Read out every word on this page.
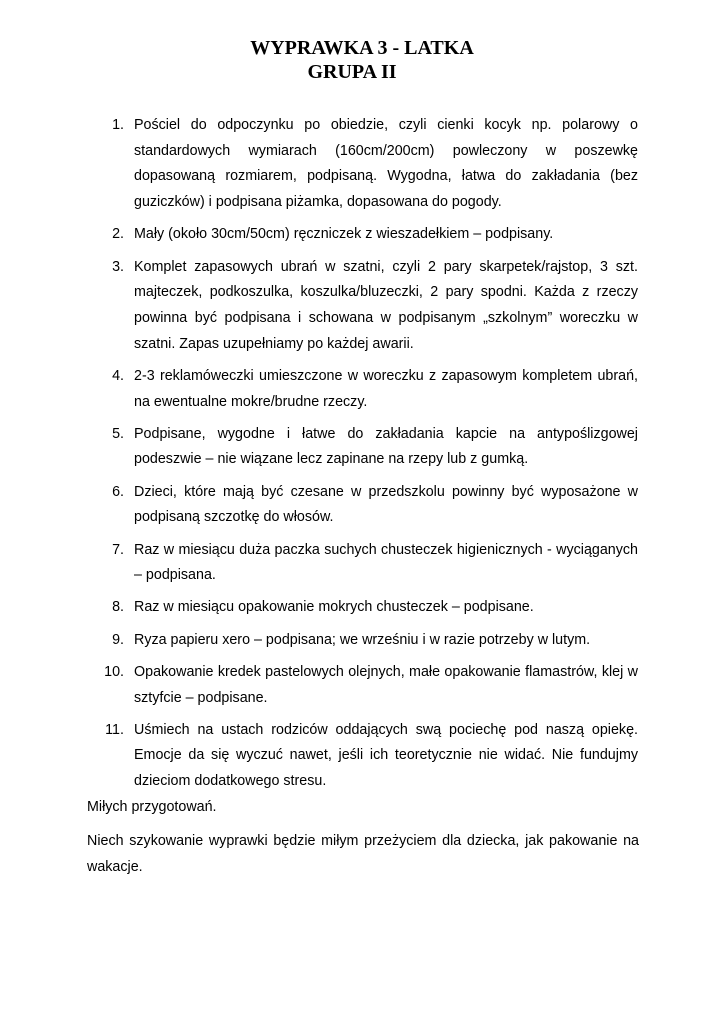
WYPRAWKA 3 - LATKA
GRUPA II
1. Pościel do odpoczynku po obiedzie, czyli cienki kocyk np. polarowy o standardowych wymiarach (160cm/200cm) powleczony w poszewkę dopasowaną rozmiarem, podpisaną. Wygodna, łatwa do zakładania (bez guziczków) i podpisana piżamka, dopasowana do pogody.
2. Mały (około 30cm/50cm) ręczniczek z wieszadełkiem – podpisany.
3. Komplet zapasowych ubrań w szatni, czyli 2 pary skarpetek/rajstop, 3 szt. majteczek, podkoszulka, koszulka/bluzeczki, 2 pary spodni. Każda z rzeczy powinna być podpisana i schowana w podpisanym „szkolnym” woreczku w szatni. Zapas uzupełniamy po każdej awarii.
4. 2-3 reklamóweczki umieszczone w woreczku z zapasowym kompletem ubrań, na ewentualne mokre/brudne rzeczy.
5. Podpisane, wygodne i łatwe do zakładania kapcie na antypoślizgowej podeszwie – nie wiązane lecz zapinane na rzepy lub z gumką.
6. Dzieci, które mają być czesane w przedszkolu powinny być wyposażone w podpisaną szczotkę do włosów.
7. Raz w miesiącu duża paczka suchych chusteczek higienicznych - wyciąganych – podpisana.
8. Raz w miesiącu opakowanie mokrych chusteczek – podpisane.
9. Ryza papieru xero – podpisana; we wrześniu i w razie potrzeby w lutym.
10. Opakowanie kredek pastelowych olejnych, małe opakowanie flamastrów, klej w sztyfcie – podpisane.
11. Uśmiech na ustach rodziców oddających swą pociechę pod naszą opiekę. Emocje da się wyczuć nawet, jeśli ich teoretycznie nie widać. Nie fundujmy dzieciom dodatkowego stresu.

Miłych przygotowań.

Niech szykowanie wyprawki będzie miłym przeżyciem dla dziecka, jak pakowanie na wakacje.
